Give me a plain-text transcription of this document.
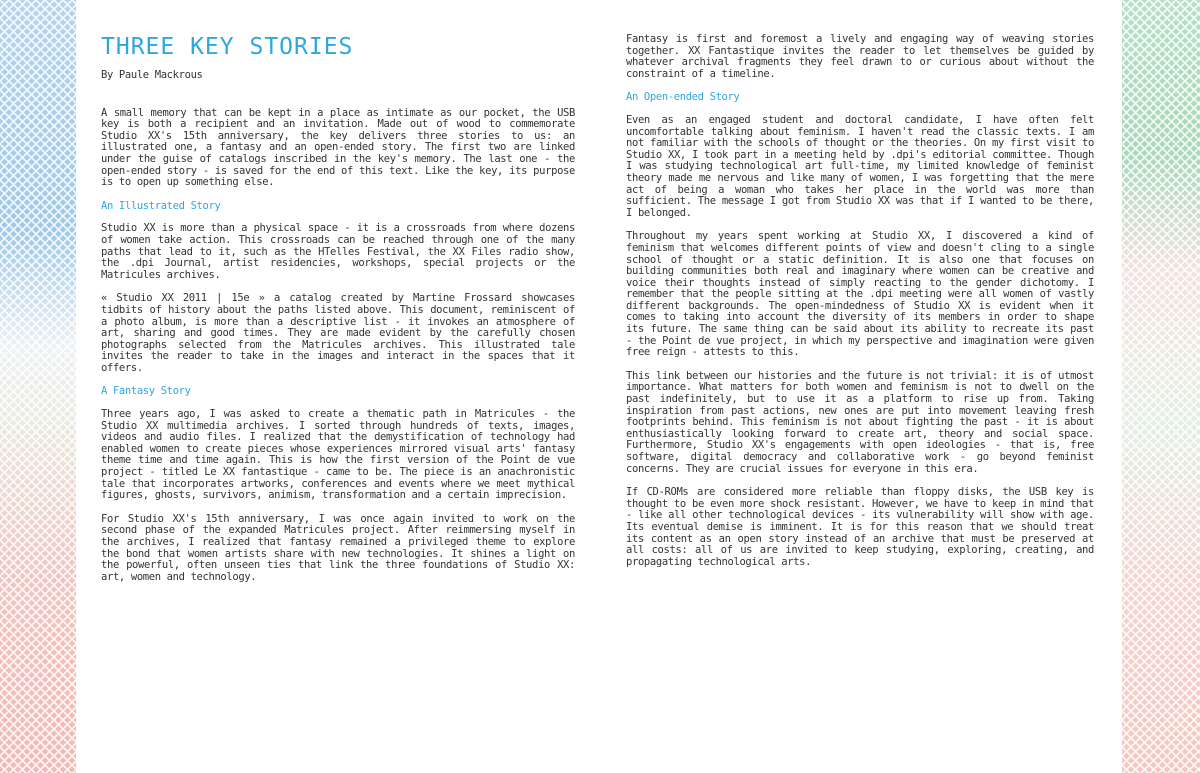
THREE KEY STORIES

By Paule Mackrous

A small memory that can be kept in a place as intimate as our pocket, the USB key is both a recipient and an invitation. Made out of wood to commemorate Studio XX's 15th anniversary, the key delivers three stories to us: an illustrated one, a fantasy and an open-ended story. The first two are linked under the guise of catalogs inscribed in the key's memory. The last one - the open-ended story - is saved for the end of this text. Like the key, its purpose is to open up something else.

An Illustrated Story

Studio XX is more than a physical space - it is a crossroads from where dozens of women take action. This crossroads can be reached through one of the many paths that lead to it, such as the HTelles Festival, the XX Files radio show, the .dpi Journal, artist residencies, workshops, special projects or the Matricules archives.

« Studio XX 2011 | 15e » a catalog created by Martine Frossard showcases tidbits of history about the paths listed above. This document, reminiscent of a photo album, is more than a descriptive list - it invokes an atmosphere of art, sharing and good times. They are made evident by the carefully chosen photographs selected from the Matricules archives. This illustrated tale invites the reader to take in the images and interact in the spaces that it offers.

A Fantasy Story

Three years ago, I was asked to create a thematic path in Matricules - the Studio XX multimedia archives. I sorted through hundreds of texts, images, videos and audio files. I realized that the demystification of technology had enabled women to create pieces whose experiences mirrored visual arts' fantasy theme time and time again. This is how the first version of the Point de vue project - titled Le XX fantastique - came to be. The piece is an anachronistic tale that incorporates artworks, conferences and events where we meet mythical figures, ghosts, survivors, animism, transformation and a certain imprecision.

For Studio XX's 15th anniversary, I was once again invited to work on the second phase of the expanded Matricules project. After reimmersing myself in the archives, I realized that fantasy remained a privileged theme to explore the bond that women artists share with new technologies. It shines a light on the powerful, often unseen ties that link the three foundations of Studio XX: art, women and technology.

Fantasy is first and foremost a lively and engaging way of weaving stories together. XX Fantastique invites the reader to let themselves be guided by whatever archival fragments they feel drawn to or curious about without the constraint of a timeline.

An Open-ended Story

Even as an engaged student and doctoral candidate, I have often felt uncomfortable talking about feminism. I haven't read the classic texts. I am not familiar with the schools of thought or the theories. On my first visit to Studio XX, I took part in a meeting held by .dpi's editorial committee. Though I was studying technological art full-time, my limited knowledge of feminist theory made me nervous and like many of women, I was forgetting that the mere act of being a woman who takes her place in the world was more than sufficient. The message I got from Studio XX was that if I wanted to be there, I belonged.

Throughout my years spent working at Studio XX, I discovered a kind of feminism that welcomes different points of view and doesn't cling to a single school of thought or a static definition. It is also one that focuses on building communities both real and imaginary where women can be creative and voice their thoughts instead of simply reacting to the gender dichotomy. I remember that the people sitting at the .dpi meeting were all women of vastly different backgrounds. The open-mindedness of Studio XX is evident when it comes to taking into account the diversity of its members in order to shape its future. The same thing can be said about its ability to recreate its past - the Point de vue project, in which my perspective and imagination were given free reign - attests to this.

This link between our histories and the future is not trivial: it is of utmost importance. What matters for both women and feminism is not to dwell on the past indefinitely, but to use it as a platform to rise up from. Taking inspiration from past actions, new ones are put into movement leaving fresh footprints behind. This feminism is not about fighting the past - it is about enthusiastically looking forward to create art, theory and social space. Furthermore, Studio XX's engagements with open ideologies - that is, free software, digital democracy and collaborative work - go beyond feminist concerns. They are crucial issues for everyone in this era.

If CD-ROMs are considered more reliable than floppy disks, the USB key is thought to be even more shock resistant. However, we have to keep in mind that - like all other technological devices - its vulnerability will show with age. Its eventual demise is imminent. It is for this reason that we should treat its content as an open story instead of an archive that must be preserved at all costs: all of us are invited to keep studying, exploring, creating, and propagating technological arts.
